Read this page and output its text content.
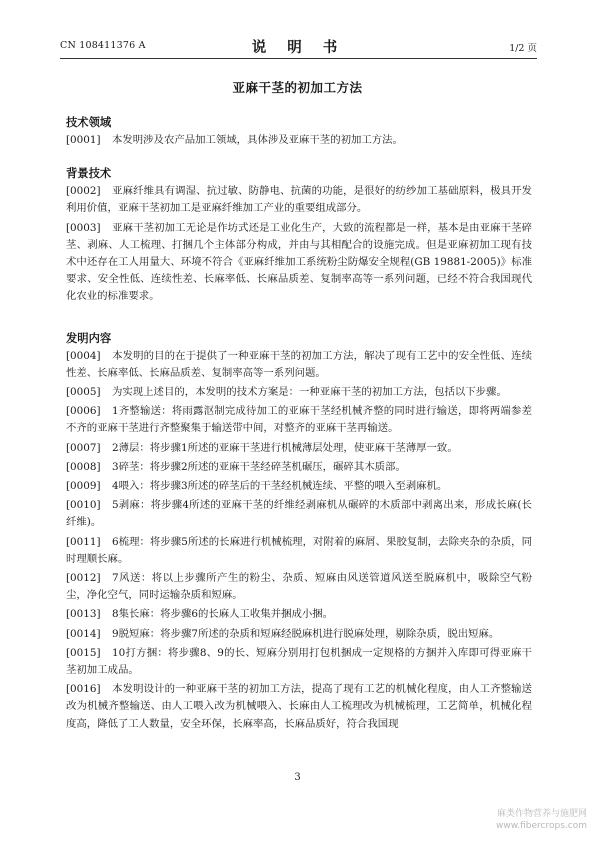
CN 108411376 A	说 明 书	1/2 页
亚麻干茎的初加工方法
技术领域

[0001] 本发明涉及农产品加工领域，具体涉及亚麻干茎的初加工方法。

背景技术

[0002] 亚麻纤维具有调湿、抗过敏、防静电、抗菌的功能，是很好的纺纱加工基础原料，极具开发利用价值，亚麻干茎初加工是亚麻纤维加工产业的重要组成部分。

[0003] 亚麻干茎初加工无论是作坊式还是工业化生产，大致的流程都是一样，基本是由亚麻干茎碎茎、剥麻、人工梳理、打捆几个主体部分构成，并由与其相配合的设施完成。但是亚麻初加工现有技术中还存在工人用量大、环境不符合《亚麻纤维加工系统粉尘防爆安全规程(GB 19881-2005)》标准要求、安全性低、连续性差、长麻率低、长麻品质差、复制率高等一系列问题，已经不符合我国现代化农业的标准要求。

发明内容

[0004] 本发明的目的在于提供了一种亚麻干茎的初加工方法，解决了现有工艺中的安全性低、连续性差、长麻率低、长麻品质差、复制率高等一系列问题。

[0005] 为实现上述目的，本发明的技术方案是：一种亚麻干茎的初加工方法，包括以下步骤。

[0006] 1齐整输送：将雨露沤制完成待加工的亚麻干茎经机械齐整的同时进行输送，即将两端参差不齐的亚麻干茎进行齐整聚集于输送带中间，对整齐的亚麻干茎再输送。

[0007] 2薄层：将步骤1所述的亚麻干茎进行机械薄层处理，使亚麻干茎薄厚一致。

[0008] 3碎茎：将步骤2所述的亚麻干茎经碎茎机碾压，碾碎其木质部。

[0009] 4喂入：将步骤3所述的碎茎后的干茎经机械连续、平整的喂入至剥麻机。

[0010] 5剥麻：将步骤4所述的亚麻干茎的纤维经剥麻机从碾碎的木质部中剥离出来，形成长麻(长纤维)。

[0011] 6梳理：将步骤5所述的长麻进行机械梳理，对附着的麻屑、果胶复制，去除夹杂的杂质，同时理顺长麻。

[0012] 7风送：将以上步骤所产生的粉尘、杂质、短麻由风送管道风送至脱麻机中，吸除空气粉尘，净化空气，同时运输杂质和短麻。

[0013] 8集长麻：将步骤6的长麻人工收集并捆成小捆。

[0014] 9脱短麻：将步骤7所述的杂质和短麻经脱麻机进行脱麻处理，剔除杂质，脱出短麻。

[0015] 10打方捆：将步骤8、9的长、短麻分别用打包机捆成一定规格的方捆并入库即可得亚麻干茎初加工成品。

[0016] 本发明设计的一种亚麻干茎的初加工方法，提高了现有工艺的机械化程度，由人工齐整输送改为机械齐整输送、由人工喂入改为机械喂入、长麻由人工梳理改为机械梳理，工艺简单，机械化程度高，降低了工人数量，安全环保，长麻率高，长麻品质好，符合我国现

3
麻类作物营养与施肥网
www.fibercrops.com
